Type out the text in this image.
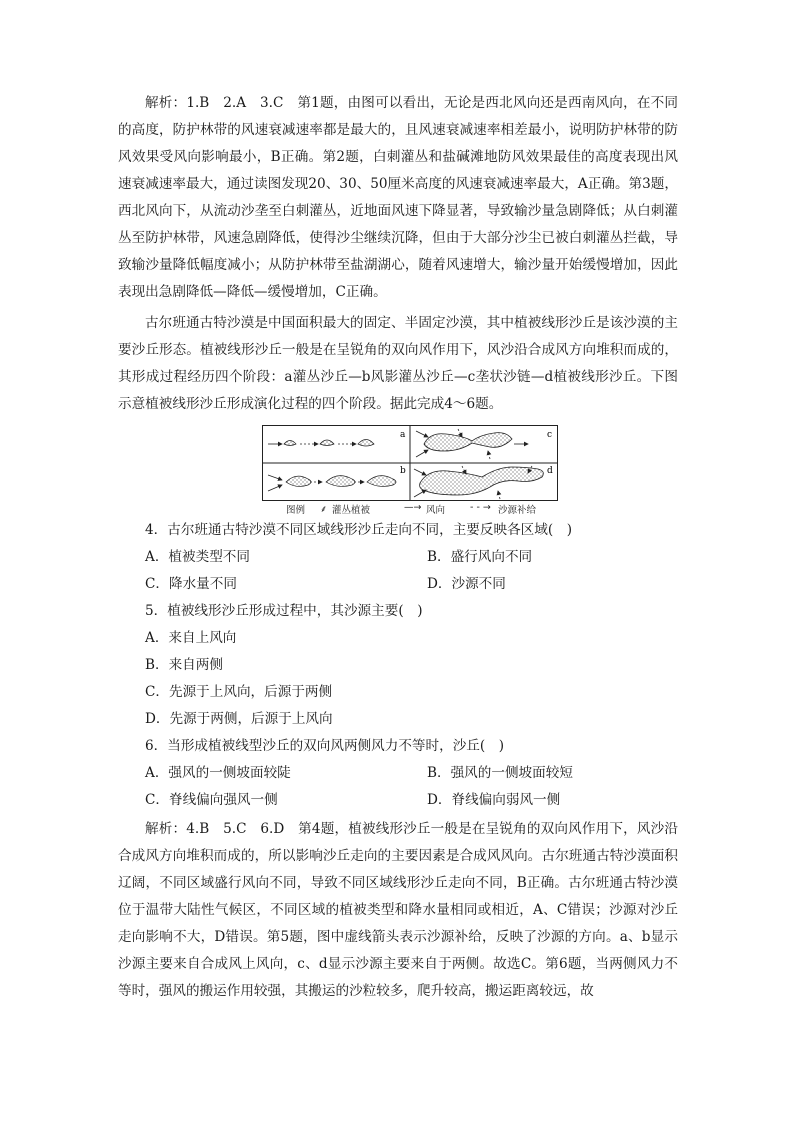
解析：1.B　2.A　3.C　第1题，由图可以看出，无论是西北风向还是西南风向，在不同的高度，防护林带的风速衰减速率都是最大的，且风速衰减速率相差最小，说明防护林带的防风效果受风向影响最小，B正确。第2题，白刺灌丛和盐碱滩地防风效果最佳的高度表现出风速衰减速率最大，通过读图发现20、30、50厘米高度的风速衰减速率最大，A正确。第3题，西北风向下，从流动沙垄至白刺灌丛，近地面风速下降显著，导致输沙量急剧降低；从白刺灌丛至防护林带，风速急剧降低，使得沙尘继续沉降，但由于大部分沙尘已被白刺灌丛拦截，导致输沙量降低幅度减小；从防护林带至盐湖湖心，随着风速增大，输沙量开始缓慢增加，因此表现出急剧降低—降低—缓慢增加，C正确。

古尔班通古特沙漠是中国面积最大的固定、半固定沙漠，其中植被线形沙丘是该沙漠的主要沙丘形态。植被线形沙丘一般是在呈锐角的双向风作用下，风沙沿合成风方向堆积而成的，其形成过程经历四个阶段：a灌丛沙丘—b风影灌丛沙丘—c垄状沙链—d植被线形沙丘。下图示意植被线形沙丘形成演化过程的四个阶段。据此完成4～6题。

a
b
c
d
图例 ⸙ 灌丛植被	—→ 风向	- - → 沙源补给

4．古尔班通古特沙漠不同区域线形沙丘走向不同，主要反映各区域(　)

A．植被类型不同	B．盛行风向不同

C．降水量不同	D．沙源不同

5．植被线形沙丘形成过程中，其沙源主要(　)

A．来自上风向

B．来自两侧

C．先源于上风向，后源于两侧

D．先源于两侧，后源于上风向

6．当形成植被线型沙丘的双向风两侧风力不等时，沙丘(　)

A．强风的一侧坡面较陡	B．强风的一侧坡面较短

C．脊线偏向强风一侧	D．脊线偏向弱风一侧

解析：4.B　5.C　6.D　第4题，植被线形沙丘一般是在呈锐角的双向风作用下，风沙沿合成风方向堆积而成的，所以影响沙丘走向的主要因素是合成风风向。古尔班通古特沙漠面积辽阔，不同区域盛行风向不同，导致不同区域线形沙丘走向不同，B正确。古尔班通古特沙漠位于温带大陆性气候区，不同区域的植被类型和降水量相同或相近，A、C错误；沙源对沙丘走向影响不大，D错误。第5题，图中虚线箭头表示沙源补给，反映了沙源的方向。a、b显示沙源主要来自合成风上风向，c、d显示沙源主要来自于两侧。故选C。第6题，当两侧风力不等时，强风的搬运作用较强，其搬运的沙粒较多，爬升较高，搬运距离较远，故
